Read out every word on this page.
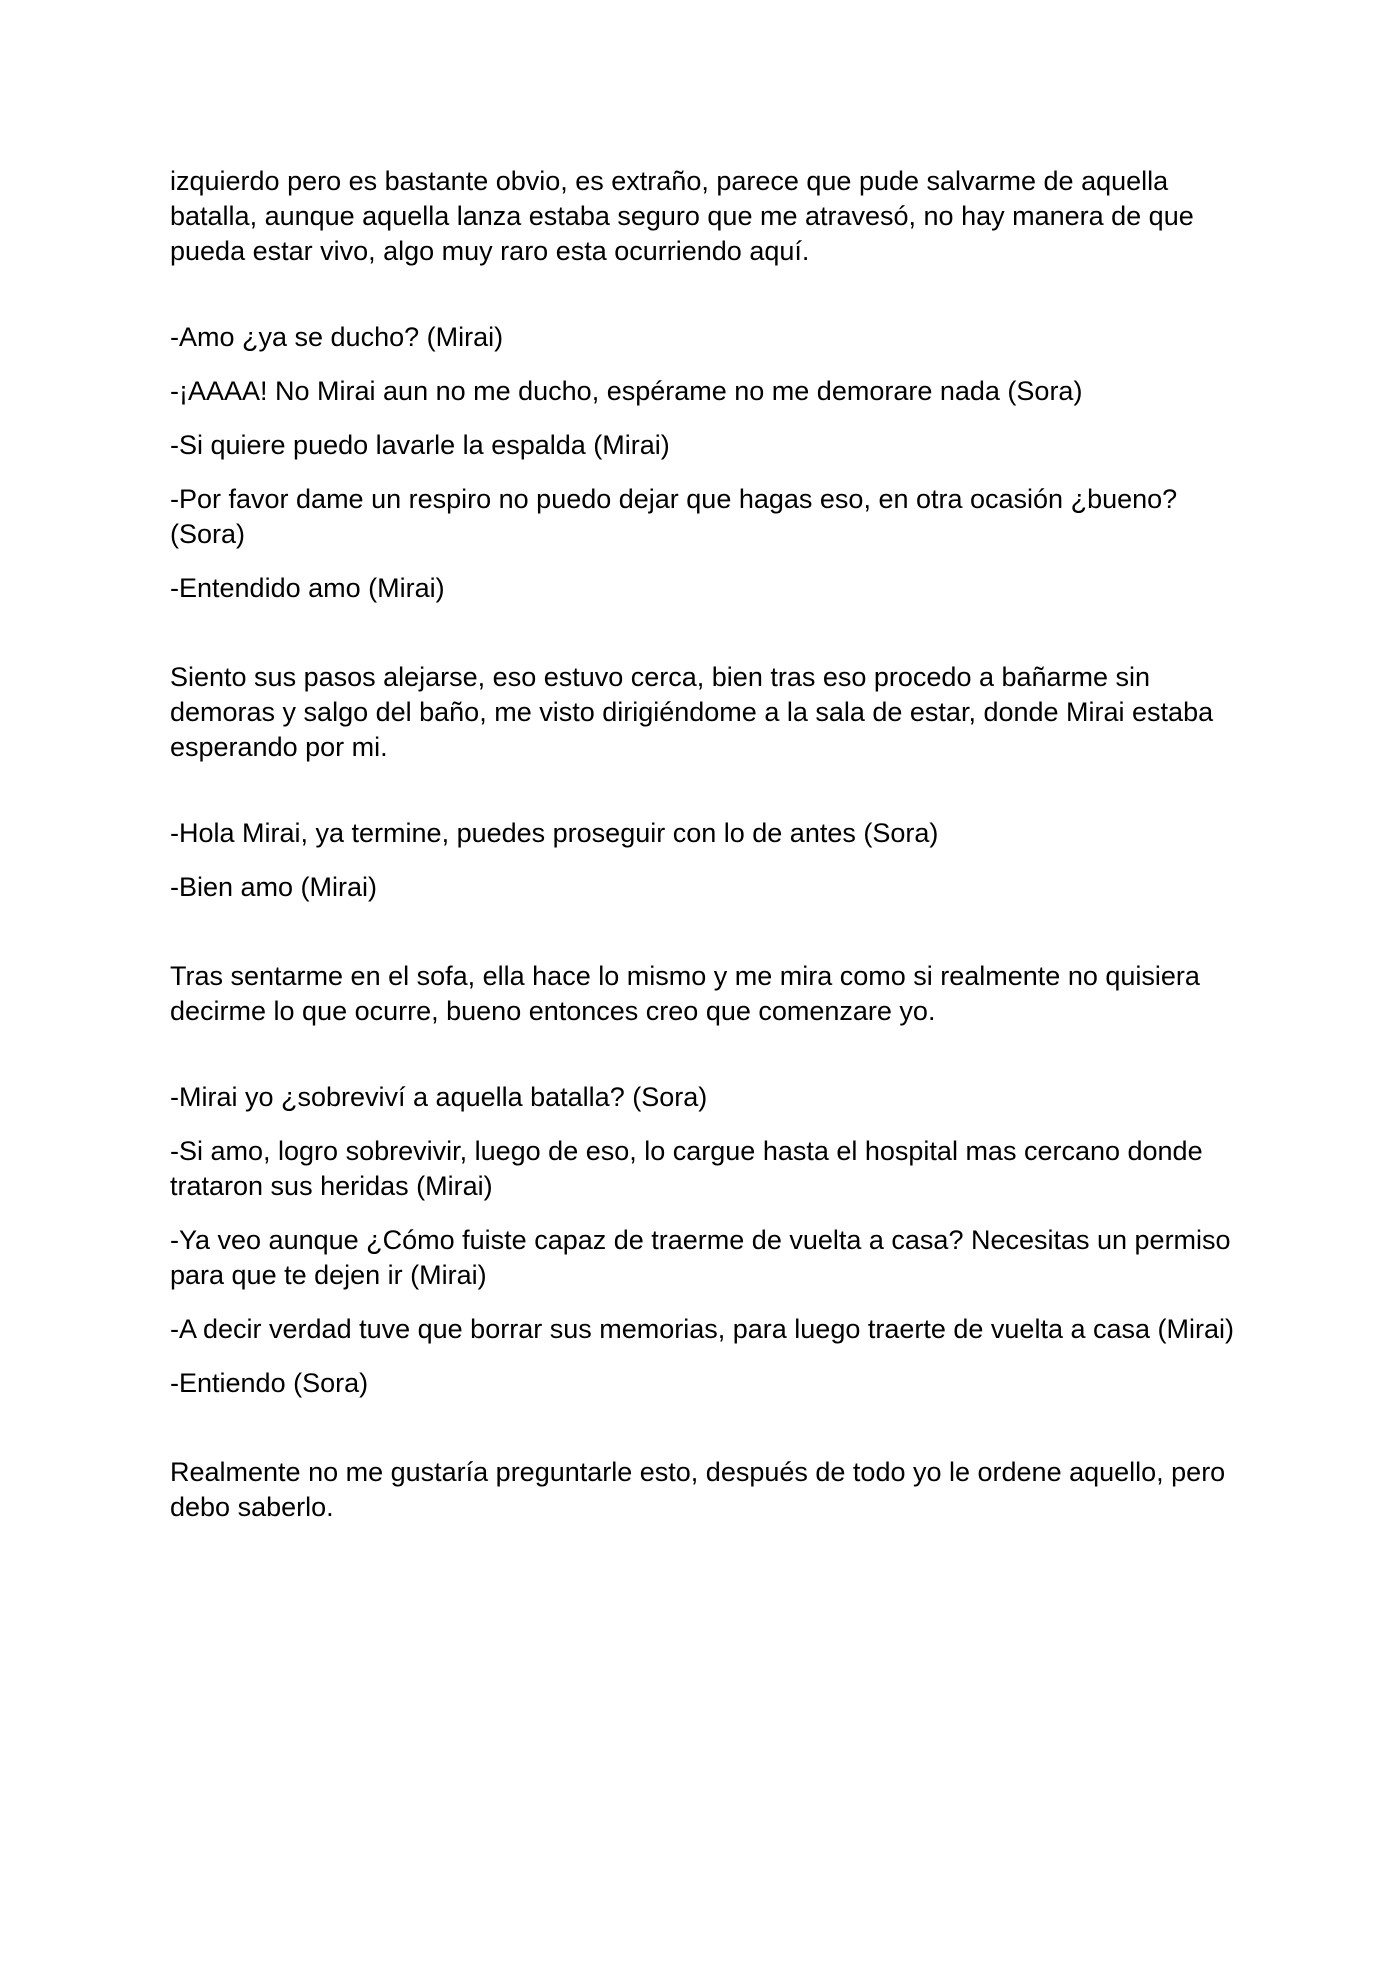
izquierdo pero es bastante obvio, es extraño, parece que pude salvarme de aquella batalla, aunque aquella lanza estaba seguro que me atravesó, no hay manera de que pueda estar vivo, algo muy raro esta ocurriendo aquí.

-Amo ¿ya se ducho? (Mirai)

-¡AAAA! No Mirai aun no me ducho, espérame no me demorare nada (Sora)

-Si quiere puedo lavarle la espalda (Mirai)

-Por favor dame un respiro no puedo dejar que hagas eso, en otra ocasión ¿bueno? (Sora)

-Entendido amo (Mirai)

Siento sus pasos alejarse, eso estuvo cerca, bien tras eso procedo a bañarme sin demoras y salgo del baño, me visto dirigiéndome a la sala de estar, donde Mirai estaba esperando por mi.

-Hola Mirai, ya termine, puedes proseguir con lo de antes (Sora)

-Bien amo (Mirai)

Tras sentarme en el sofa, ella hace lo mismo y me mira como si realmente no quisiera decirme lo que ocurre, bueno entonces creo que comenzare yo.

-Mirai yo ¿sobreviví a aquella batalla? (Sora)

-Si amo, logro sobrevivir, luego de eso, lo cargue hasta el hospital mas cercano donde trataron sus heridas (Mirai)

-Ya veo aunque ¿Cómo fuiste capaz de traerme de vuelta a casa? Necesitas un permiso para que te dejen ir (Mirai)

-A decir verdad tuve que borrar sus memorias, para luego traerte de vuelta a casa (Mirai)

-Entiendo (Sora)

Realmente no me gustaría preguntarle esto, después de todo yo le ordene aquello, pero debo saberlo.
